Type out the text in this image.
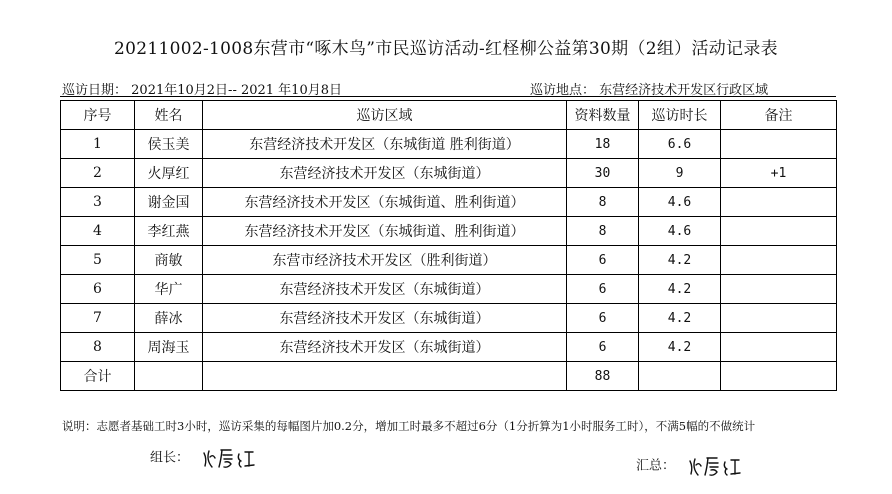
20211002-1008东营市“啄木鸟”市民巡访活动-红柽柳公益第30期（2组）活动记录表
巡访日期： 2021年10月2日-- 2021 年10月8日	巡访地点： 东营经济技术开发区行政区域
序号	姓名	巡访区域	资料数量	巡访时长	备注
1	侯玉美	东营经济技术开发区（东城街道 胜利街道）	18	6.6	
2	火厚红	东营经济技术开发区（东城街道）	30	9	+1
3	谢金国	东营经济技术开发区（东城街道、胜利街道）	8	4.6	
4	李红燕	东营经济技术开发区（东城街道、胜利街道）	8	4.6	
5	商敏	东营市经济技术开发区（胜利街道）	6	4.2	
6	华广	东营经济技术开发区（东城街道）	6	4.2	
7	薛冰	东营经济技术开发区（东城街道）	6	4.2	
8	周海玉	东营经济技术开发区（东城街道）	6	4.2	
合计			88		
说明：志愿者基础工时3小时，巡访采集的每幅图片加0.2分，增加工时最多不超过6分（1分折算为1小时服务工时），不满5幅的不做统计
组长：
汇总：
